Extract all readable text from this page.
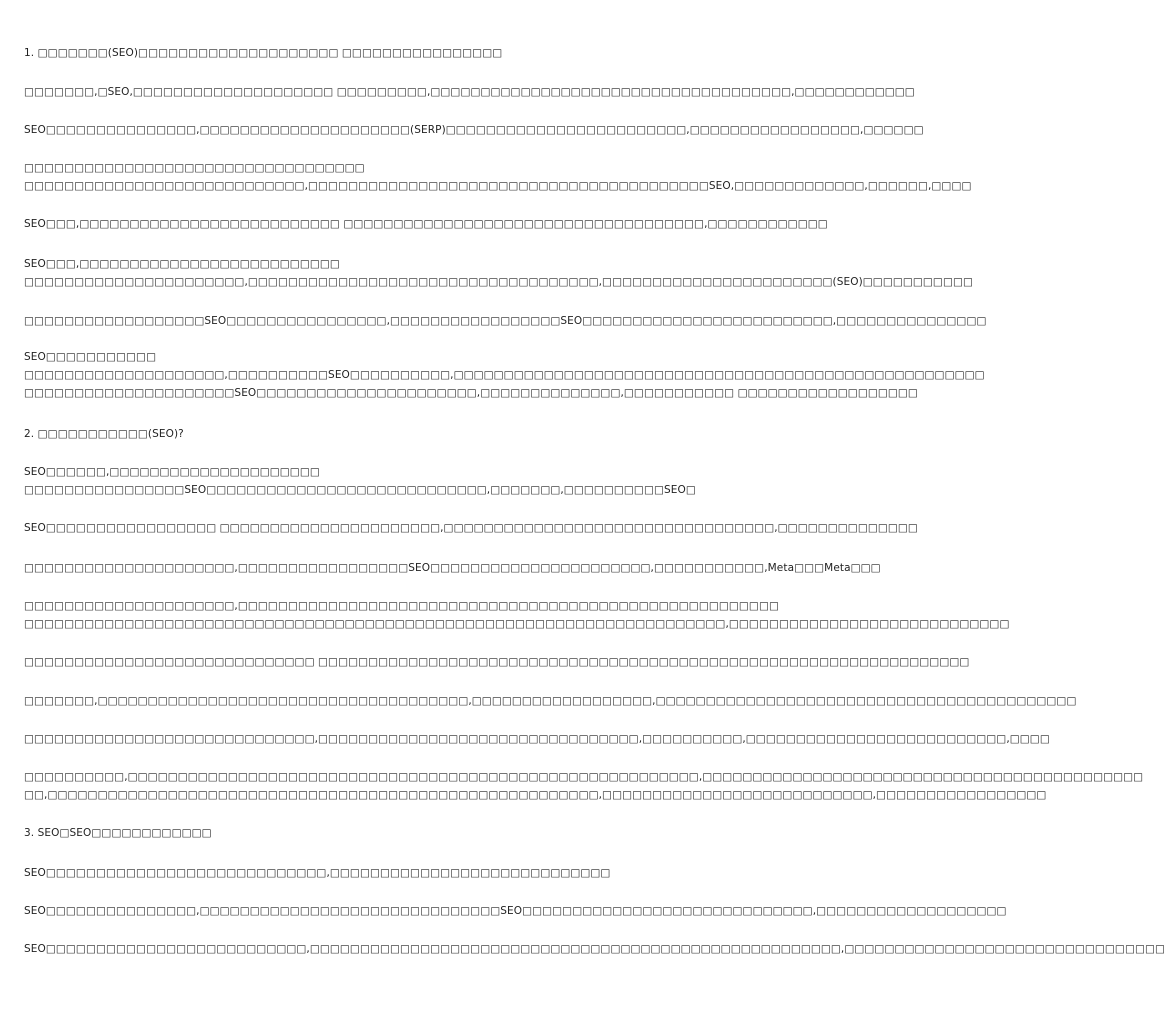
1. □□□□□□□(SEO)□□□□□□□□□□□□□□□□□□□□ □□□□□□□□□□□□□□□□
□□□□□□□,□SEO,□□□□□□□□□□□□□□□□□□□□ □□□□□□□□□,□□□□□□□□□□□□□□□□□□□□□□□□□□□□□□□□□□□□,□□□□□□□□□□□□
SEO□□□□□□□□□□□□□□□,□□□□□□□□□□□□□□□□□□□□□(SERP)□□□□□□□□□□□□□□□□□□□□□□□□,□□□□□□□□□□□□□□□□□,□□□□□□
□□□□□□□□□□□□□□□□□□□□□□□□□□□□□□□□□□
□□□□□□□□□□□□□□□□□□□□□□□□□□□□,□□□□□□□□□□□□□□□□□□□□□□□□□□□□□□□□□□□□□□□□SEO,□□□□□□□□□□□□□,□□□□□□,□□□□
SEO□□□,□□□□□□□□□□□□□□□□□□□□□□□□□□ □□□□□□□□□□□□□□□□□□□□□□□□□□□□□□□□□□□□,□□□□□□□□□□□□
SEO□□□,□□□□□□□□□□□□□□□□□□□□□□□□□□
□□□□□□□□□□□□□□□□□□□□□□,□□□□□□□□□□□□□□□□□□□□□□□□□□□□□□□□□□□,□□□□□□□□□□□□□□□□□□□□□□□(SEO)□□□□□□□□□□□
□□□□□□□□□□□□□□□□□□SEO□□□□□□□□□□□□□□□□,□□□□□□□□□□□□□□□□□SEO□□□□□□□□□□□□□□□□□□□□□□□□□,□□□□□□□□□□□□□□□
SEO□□□□□□□□□□□
□□□□□□□□□□□□□□□□□□□□,□□□□□□□□□□SEO□□□□□□□□□□,□□□□□□□□□□□□□□□□□□□□□□□□□□□□□□□□□□□□□□□□□□□□□□□□□□□□□
□□□□□□□□□□□□□□□□□□□□□SEO□□□□□□□□□□□□□□□□□□□□□□,□□□□□□□□□□□□□□,□□□□□□□□□□□ □□□□□□□□□□□□□□□□□□
2. □□□□□□□□□□□(SEO)?
SEO□□□□□□,□□□□□□□□□□□□□□□□□□□□□
□□□□□□□□□□□□□□□□SEO□□□□□□□□□□□□□□□□□□□□□□□□□□□□,□□□□□□□,□□□□□□□□□□SEO□
SEO□□□□□□□□□□□□□□□□□ □□□□□□□□□□□□□□□□□□□□□□,□□□□□□□□□□□□□□□□□□□□□□□□□□□□□□□□□,□□□□□□□□□□□□□□
□□□□□□□□□□□□□□□□□□□□□,□□□□□□□□□□□□□□□□□SEO□□□□□□□□□□□□□□□□□□□□□□,□□□□□□□□□□□,Meta□□□Meta□□□
□□□□□□□□□□□□□□□□□□□□□,□□□□□□□□□□□□□□□□□□□□□□□□□□□□□□□□□□□□□□□□□□□□□□□□□□□□□□
□□□□□□□□□□□□□□□□□□□□□□□□□□□□□□□□□□□□□□□□□□□□□□□□□□□□□□□□□□□□□□□□□□□□□□,□□□□□□□□□□□□□□□□□□□□□□□□□□□□
□□□□□□□□□□□□□□□□□□□□□□□□□□□□□ □□□□□□□□□□□□□□□□□□□□□□□□□□□□□□□□□□□□□□□□□□□□□□□□□□□□□□□□□□□□□□□□□
□□□□□□□,□□□□□□□□□□□□□□□□□□□□□□□□□□□□□□□□□□□□□,□□□□□□□□□□□□□□□□□□,□□□□□□□□□□□□□□□□□□□□□□□□□□□□□□□□□□□□□□□□□□
□□□□□□□□□□□□□□□□□□□□□□□□□□□□□,□□□□□□□□□□□□□□□□□□□□□□□□□□□□□□□□,□□□□□□□□□□,□□□□□□□□□□□□□□□□□□□□□□□□□□,□□□□
□□□□□□□□□□,□□□□□□□□□□□□□□□□□□□□□□□□□□□□□□□□□□□□□□□□□□□□□□□□□□□□□□□□□,□□□□□□□□□□□□□□□□□□□□□□□□□□□□□□□□□□□□□□□□□□□□
□□,□□□□□□□□□□□□□□□□□□□□□□□□□□□□□□□□□□□□□□□□□□□□□□□□□□□□□□□,□□□□□□□□□□□□□□□□□□□□□□□□□□□,□□□□□□□□□□□□□□□□□
3. SEO□SEO□□□□□□□□□□□□
SEO□□□□□□□□□□□□□□□□□□□□□□□□□□□□,□□□□□□□□□□□□□□□□□□□□□□□□□□□□
SEO□□□□□□□□□□□□□□□,□□□□□□□□□□□□□□□□□□□□□□□□□□□□□□SEO□□□□□□□□□□□□□□□□□□□□□□□□□□□□□,□□□□□□□□□□□□□□□□□□□
SEO□□□□□□□□□□□□□□□□□□□□□□□□□□,□□□□□□□□□□□□□□□□□□□□□□□□□□□□□□□□□□□□□□□□□□□□□□□□□□□□□,□□□□□□□□□□□□□□□□□□□□□□□□□□□□□□□□
